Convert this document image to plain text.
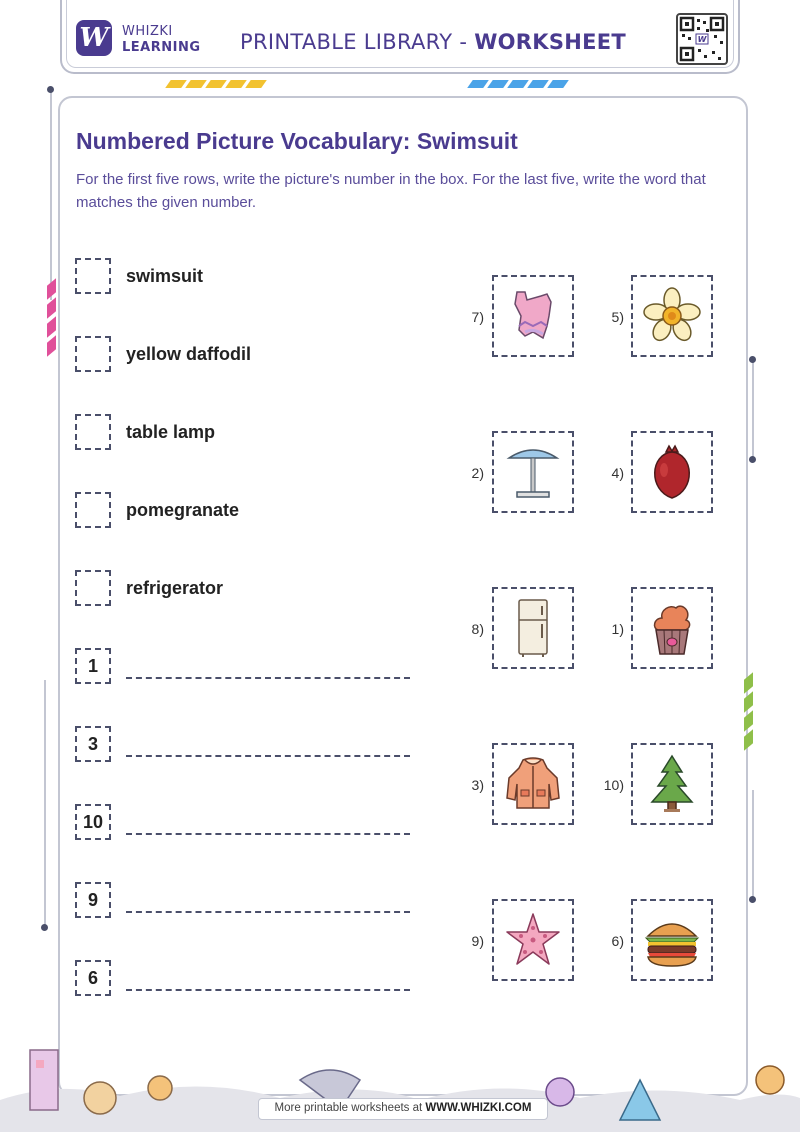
W WHIZKI
LEARNING PRINTABLE LIBRARY - WORKSHEET	W
Numbered Picture Vocabulary: Swimsuit
For the first five rows, write the picture's number in the box. For the last five, write the word that matches the given number.
swimsuit
yellow daffodil
table lamp
pomegranate
refrigerator
1
3
10
9
6
7)	5)
2)	4)
8)	1)
3)	10)
9)	6)
More printable worksheets at WWW.WHIZKI.COM
